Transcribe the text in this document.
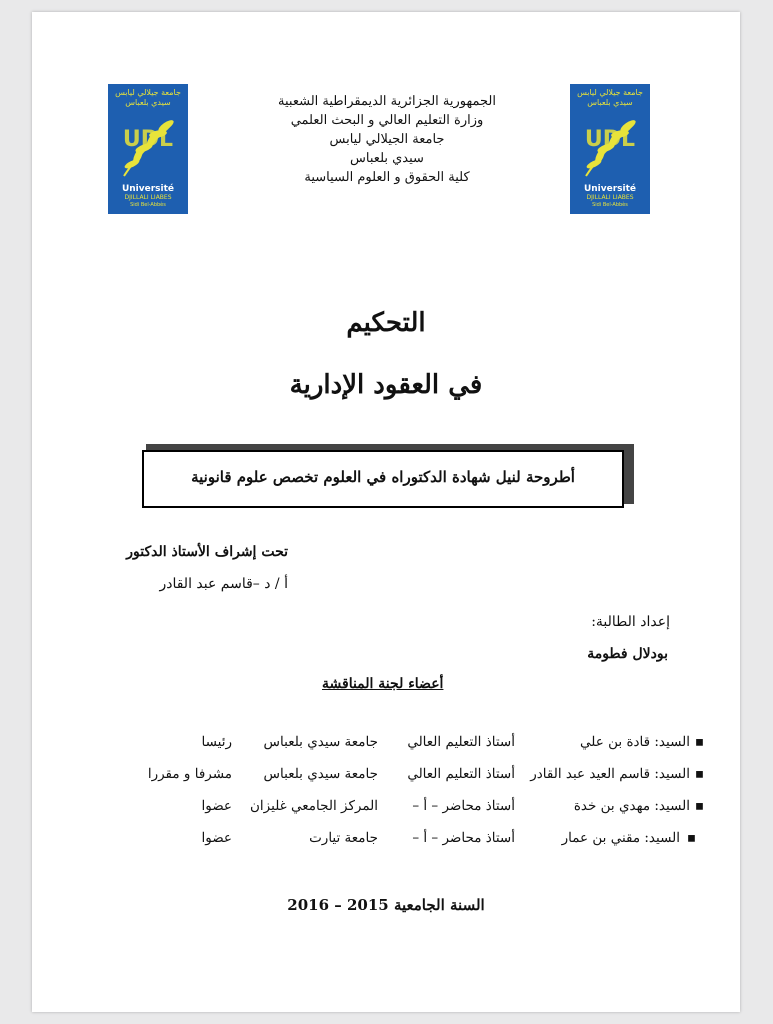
جامعة جيلالي ليابس
سيدي بلعباس
UDL
Université
DJILLALI LIABES
Sidi Bel-Abbès
جامعة جيلالي ليابس
سيدي بلعباس
UDL
Université
DJILLALI LIABES
Sidi Bel-Abbès
الجمهورية الجزائرية الديمقراطية الشعبية
وزارة التعليم العالي و البحث العلمي
جامعة الجيلالي ليابس
سيدي بلعباس
كلية الحقوق و العلوم السياسية
التحكيم
في العقود الإدارية
أطروحة لنيل شهادة الدكتوراه في العلوم تخصص علوم قانونية
تحت إشراف الأستاذ الدكتور
أ / د –قاسم عبد القادر
إعداد الطالبة:
بودلال فطومة
أعضاء لجنة المناقشة
▪
السيد: قادة بن علي
أستاذ التعليم العالي
جامعة سيدي بلعباس
رئيسا
▪
السيد: قاسم العيد عبد القادر
أستاذ التعليم العالي
جامعة سيدي بلعباس
مشرفا و مقررا
▪
السيد: مهدي بن خدة
أستاذ محاضر – أ –
المركز الجامعي غليزان
عضوا
▪
السيد: مقني بن عمار
أستاذ محاضر – أ –
جامعة تيارت
عضوا
السنة الجامعية 2015 – 2016
